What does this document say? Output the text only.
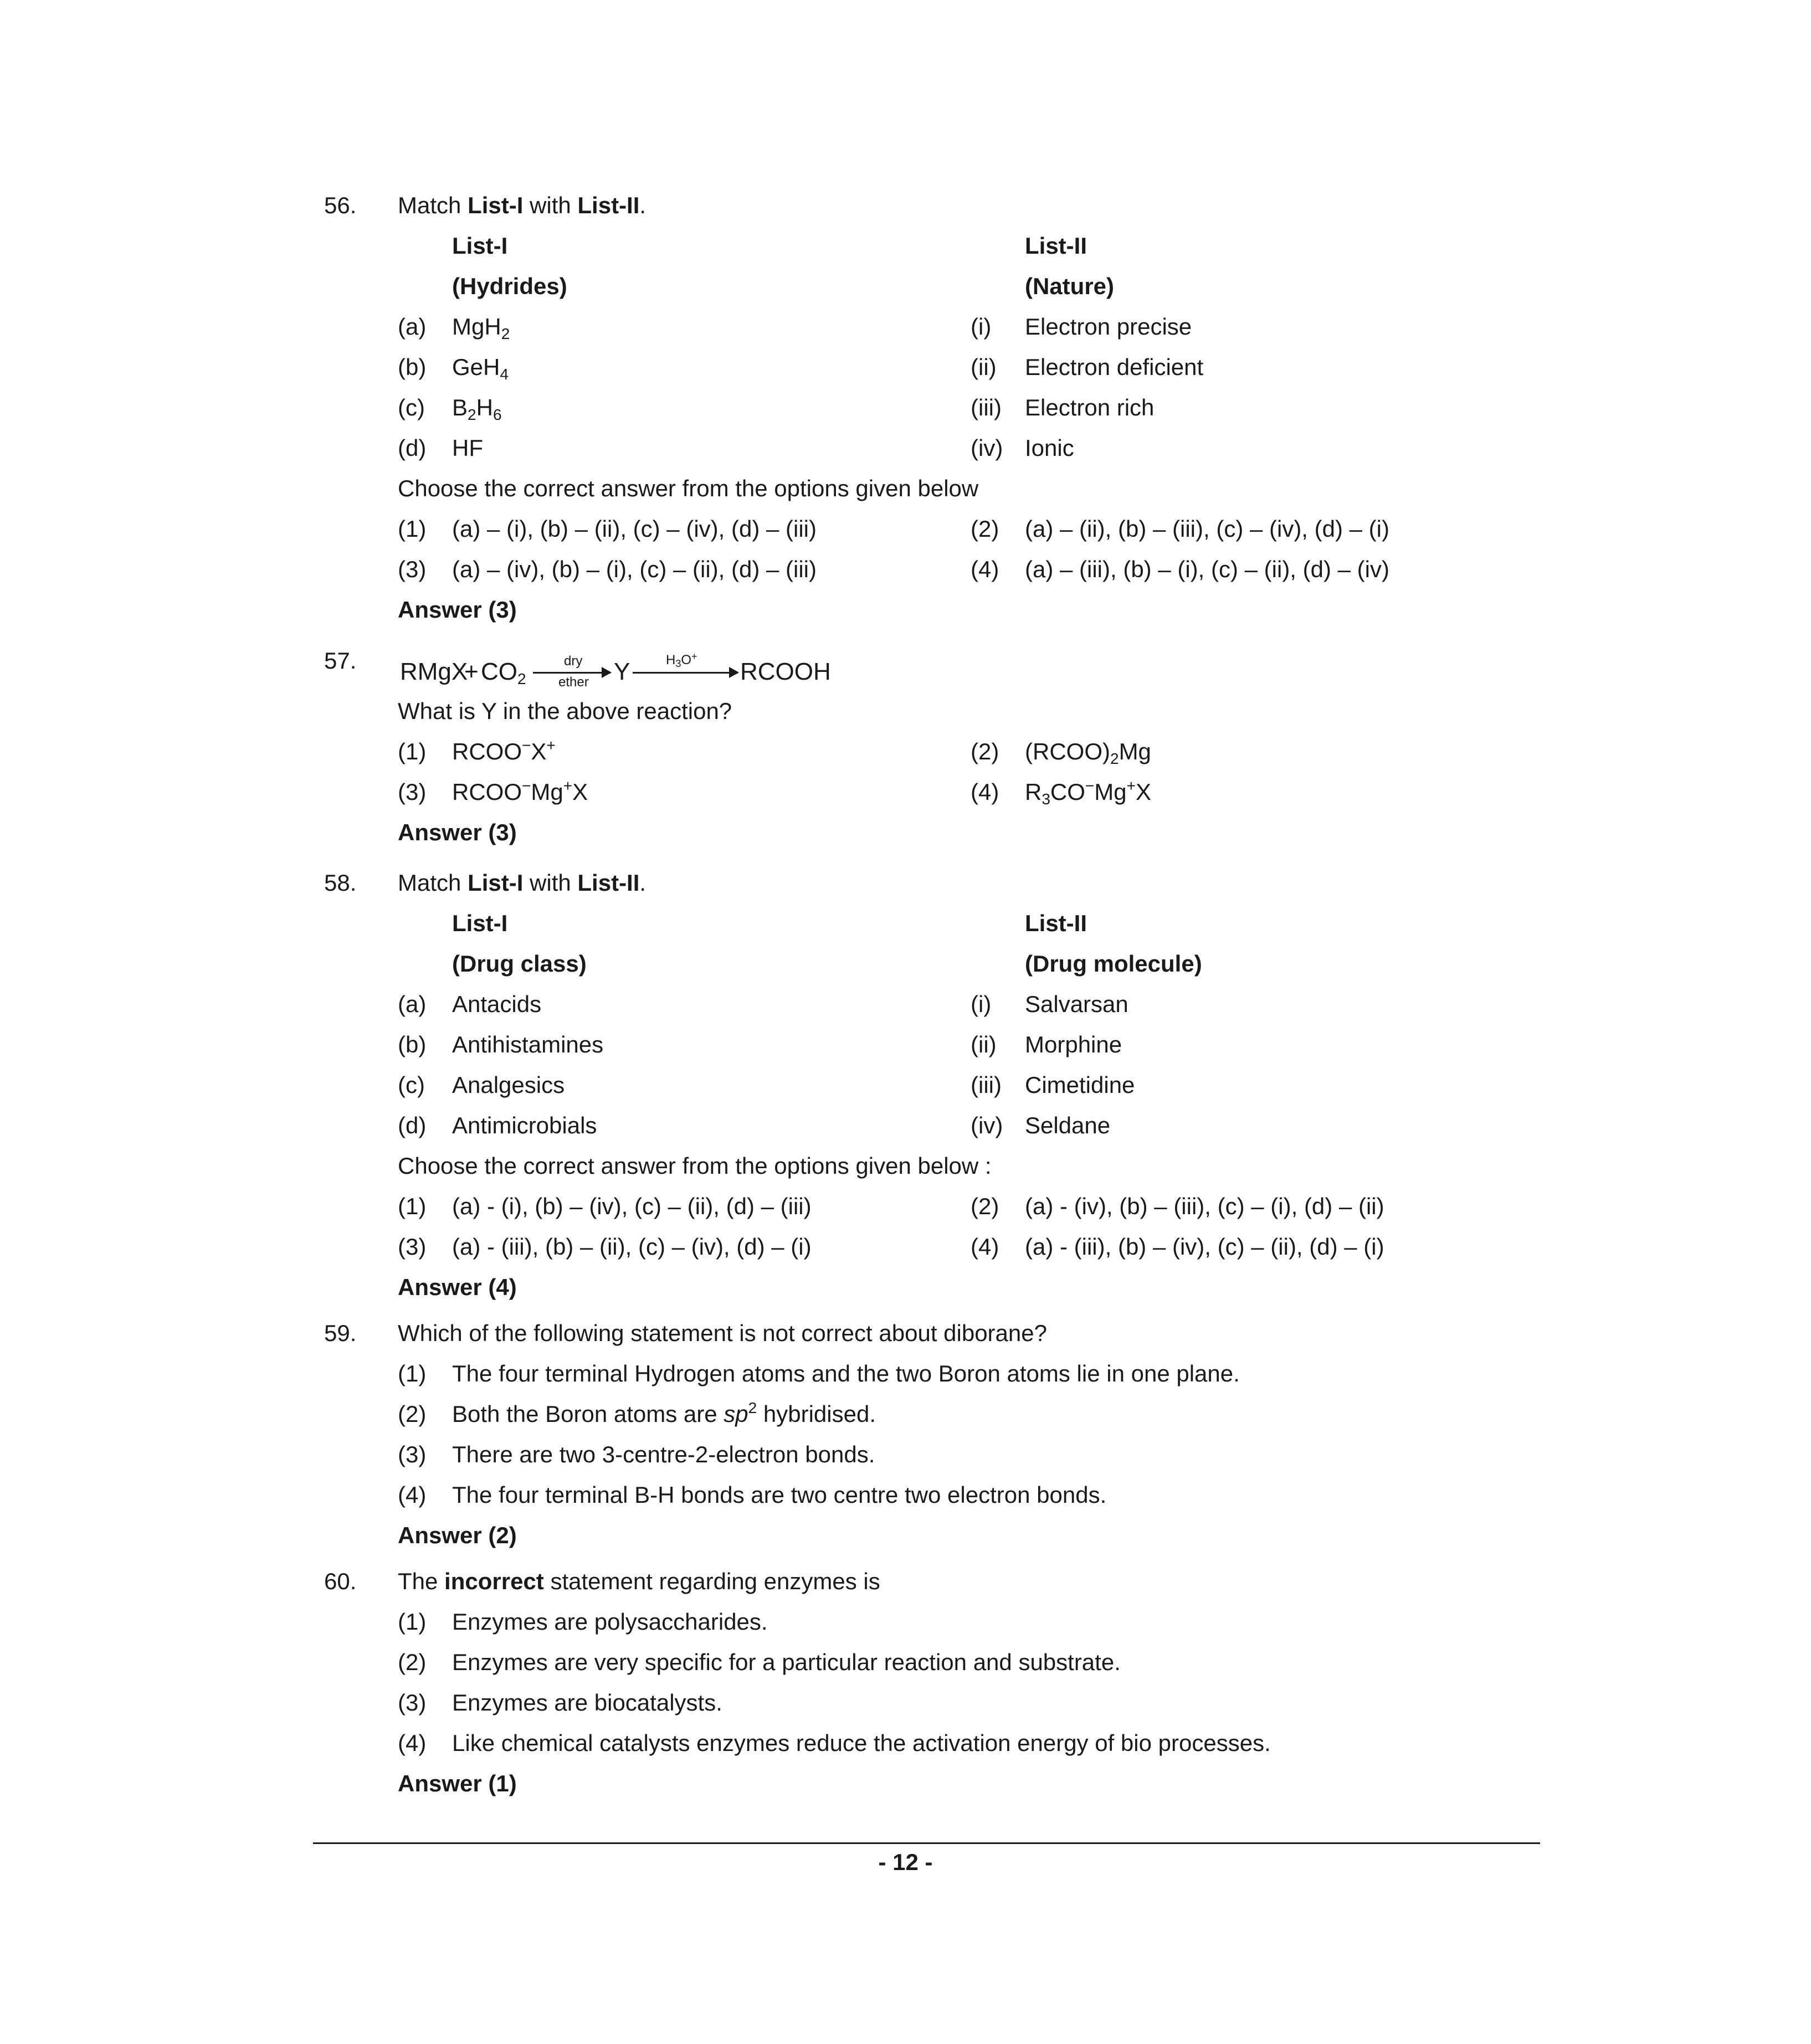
56. Match List-I with List-II.
List-I	List-II
(Hydrides)	(Nature)
(a) MgH$_2$	(i) Electron precise
(b) GeH$_4$	(ii) Electron deficient
(c) $B_2H_6$	(iii) Electron rich
(d) HF	(iv) Ionic
Choose the correct answer from the options given below
(1) (a) – (i), (b) – (ii), (c) – (iv), (d) – (iii)	(2) (a) – (ii), (b) – (iii), (c) – (iv), (d) – (i)
(3) (a) – (iv), (b) – (i), (c) – (ii), (d) – (iii)	(4) (a) – (iii), (b) – (i), (c) – (ii), (d) – (iv)
Answer (3)
57. RMgX
+ $CO_2$
dry
ether Y	$H_3O^+$
RCOOH
What is Y in the above reaction?
(1) RCOO−X+	(2) $(RCOO)_2Mg$
(3) RCOO−Mg+X	(4) $R_3CO^-Mg^+X$
Answer (3)
58. Match List-I with List-II.
List-I	List-II
(Drug class)	(Drug molecule)
(a) Antacids	(i) Salvarsan
(b) Antihistamines	(ii) Morphine
(c) Analgesics	(iii) Cimetidine
(d) Antimicrobials	(iv) Seldane
Choose the correct answer from the options given below :
(1) (a) - (i), (b) – (iv), (c) – (ii), (d) – (iii)	(2) (a) - (iv), (b) – (iii), (c) – (i), (d) – (ii)
(3) (a) - (iii), (b) – (ii), (c) – (iv), (d) – (i)	(4) (a) - (iii), (b) – (iv), (c) – (ii), (d) – (i)
Answer (4)
59. Which of the following statement is not correct about diborane?
(1) The four terminal Hydrogen atoms and the two Boron atoms lie in one plane.
(2) Both the Boron atoms are $sp^2$ hybridised.
(3) There are two 3-centre-2-electron bonds.
(4) The four terminal B-H bonds are two centre two electron bonds.
Answer (2)
60. The incorrect statement regarding enzymes is
(1) Enzymes are polysaccharides.
(2) Enzymes are very specific for a particular reaction and substrate.
(3) Enzymes are biocatalysts.
(4) Like chemical catalysts enzymes reduce the activation energy of bio processes.
Answer (1)
- 12 -
